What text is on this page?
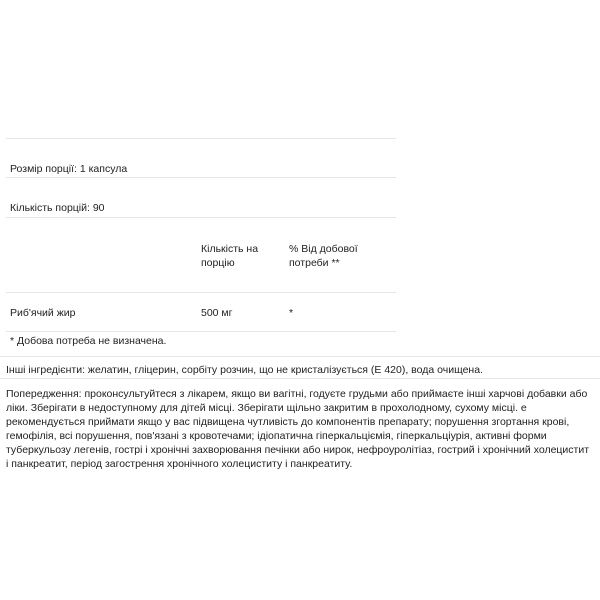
Розмір порції: 1 капсула
Кількість порцій: 90
Кількість на порцію
% Від добової потреби **
Риб'ячий жир	500 мг	*
* Добова потреба не визначена.
Інші інгредієнти: желатин, гліцерин, сорбіту розчин, що не кристалізується (Е 420), вода очищена.
Попередження: проконсультуйтеся з лікарем, якщо ви вагітні, годуєте грудьми або приймаєте інші харчові добавки або ліки. Зберігати в недоступному для дітей місці. Зберігати щільно закритим в прохолодному, сухому місці. е рекомендується приймати якщо у вас підвищена чутливість до компонентів препарату; порушення згортання крові, гемофілія, всі порушення, пов'язані з кровотечами; ідіопатична гіперкальціємія, гіперкальціурія, активні форми туберкульозу легенів, гострі і хронічні захворювання печінки або нирок, нефроуролітіаз, гострий і хронічний холецистит і панкреатит, період загострення хронічного холециститу і панкреатиту.
